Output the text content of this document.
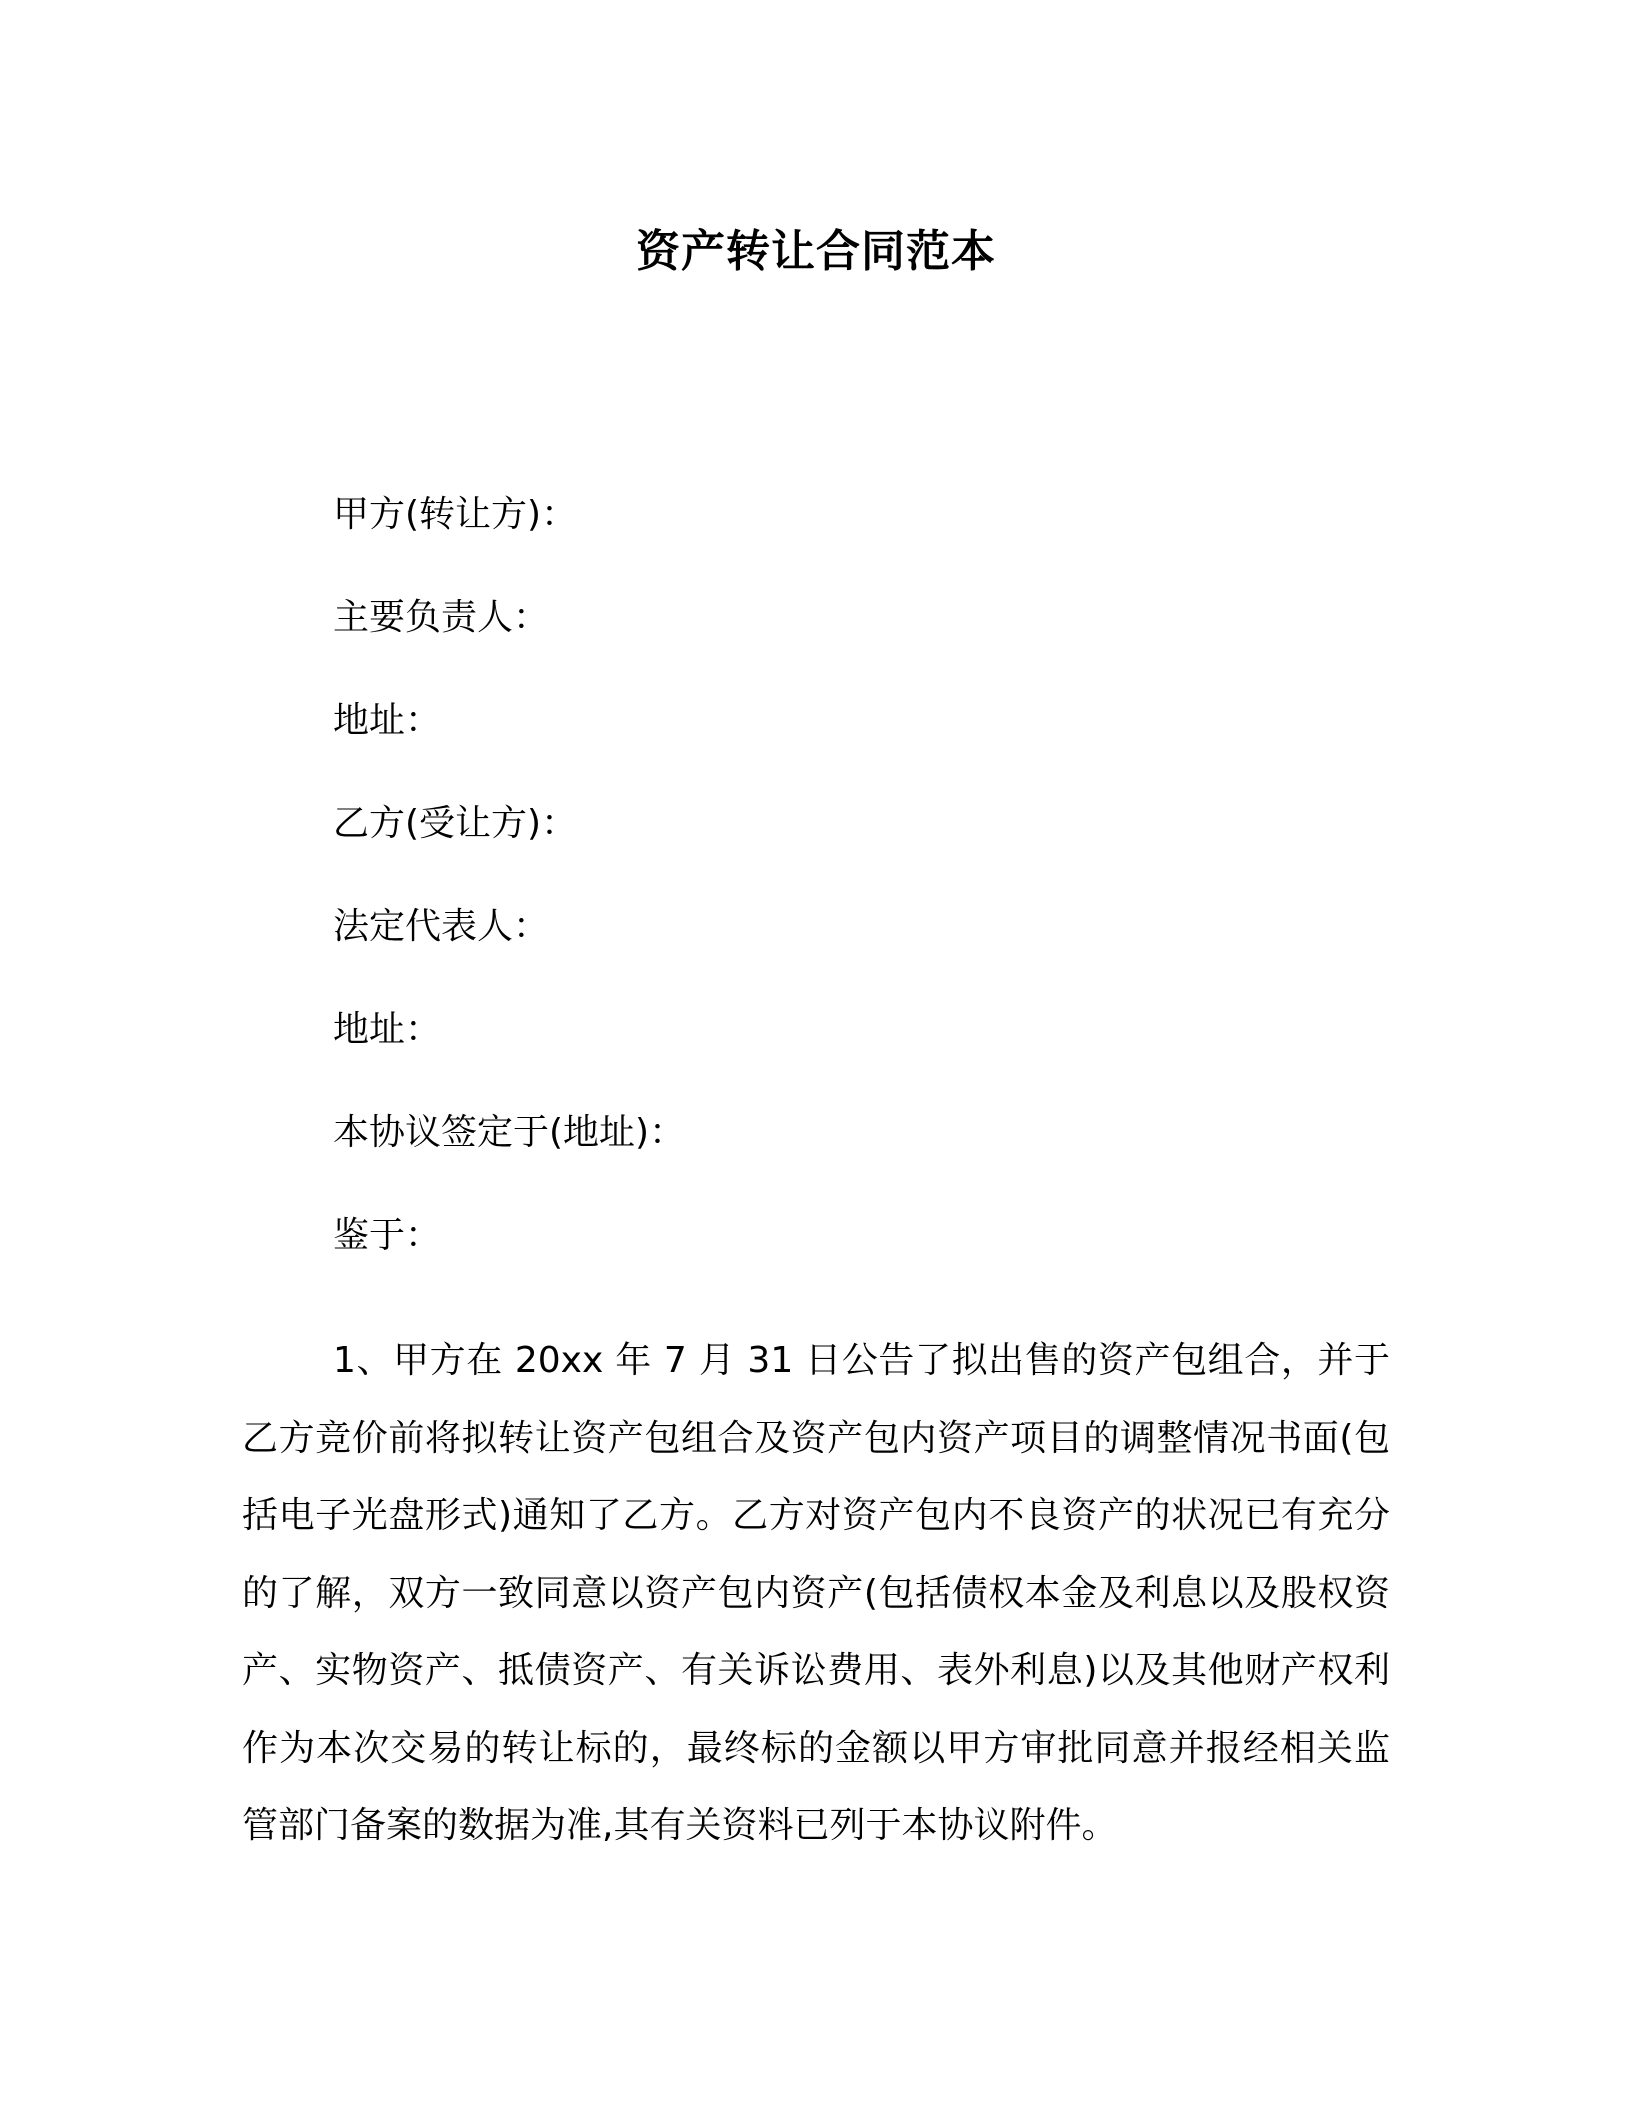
资产转让合同范本
甲方(转让方)：
主要负责人：
地址：
乙方(受让方)：
法定代表人：
地址：
本协议签定于(地址)：
鉴于：

1、甲方在 20xx 年 7 月 31 日公告了拟出售的资产包组合，并于乙方竞价前将拟转让资产包组合及资产包内资产项目的调整情况书面(包括电子光盘形式)通知了乙方。乙方对资产包内不良资产的状况已有充分的了解，双方一致同意以资产包内资产(包括债权本金及利息以及股权资产、实物资产、抵债资产、有关诉讼费用、表外利息)以及其他财产权利作为本次交易的转让标的，最终标的金额以甲方审批同意并报经相关监管部门备案的数据为准,其有关资料已列于本协议附件。
